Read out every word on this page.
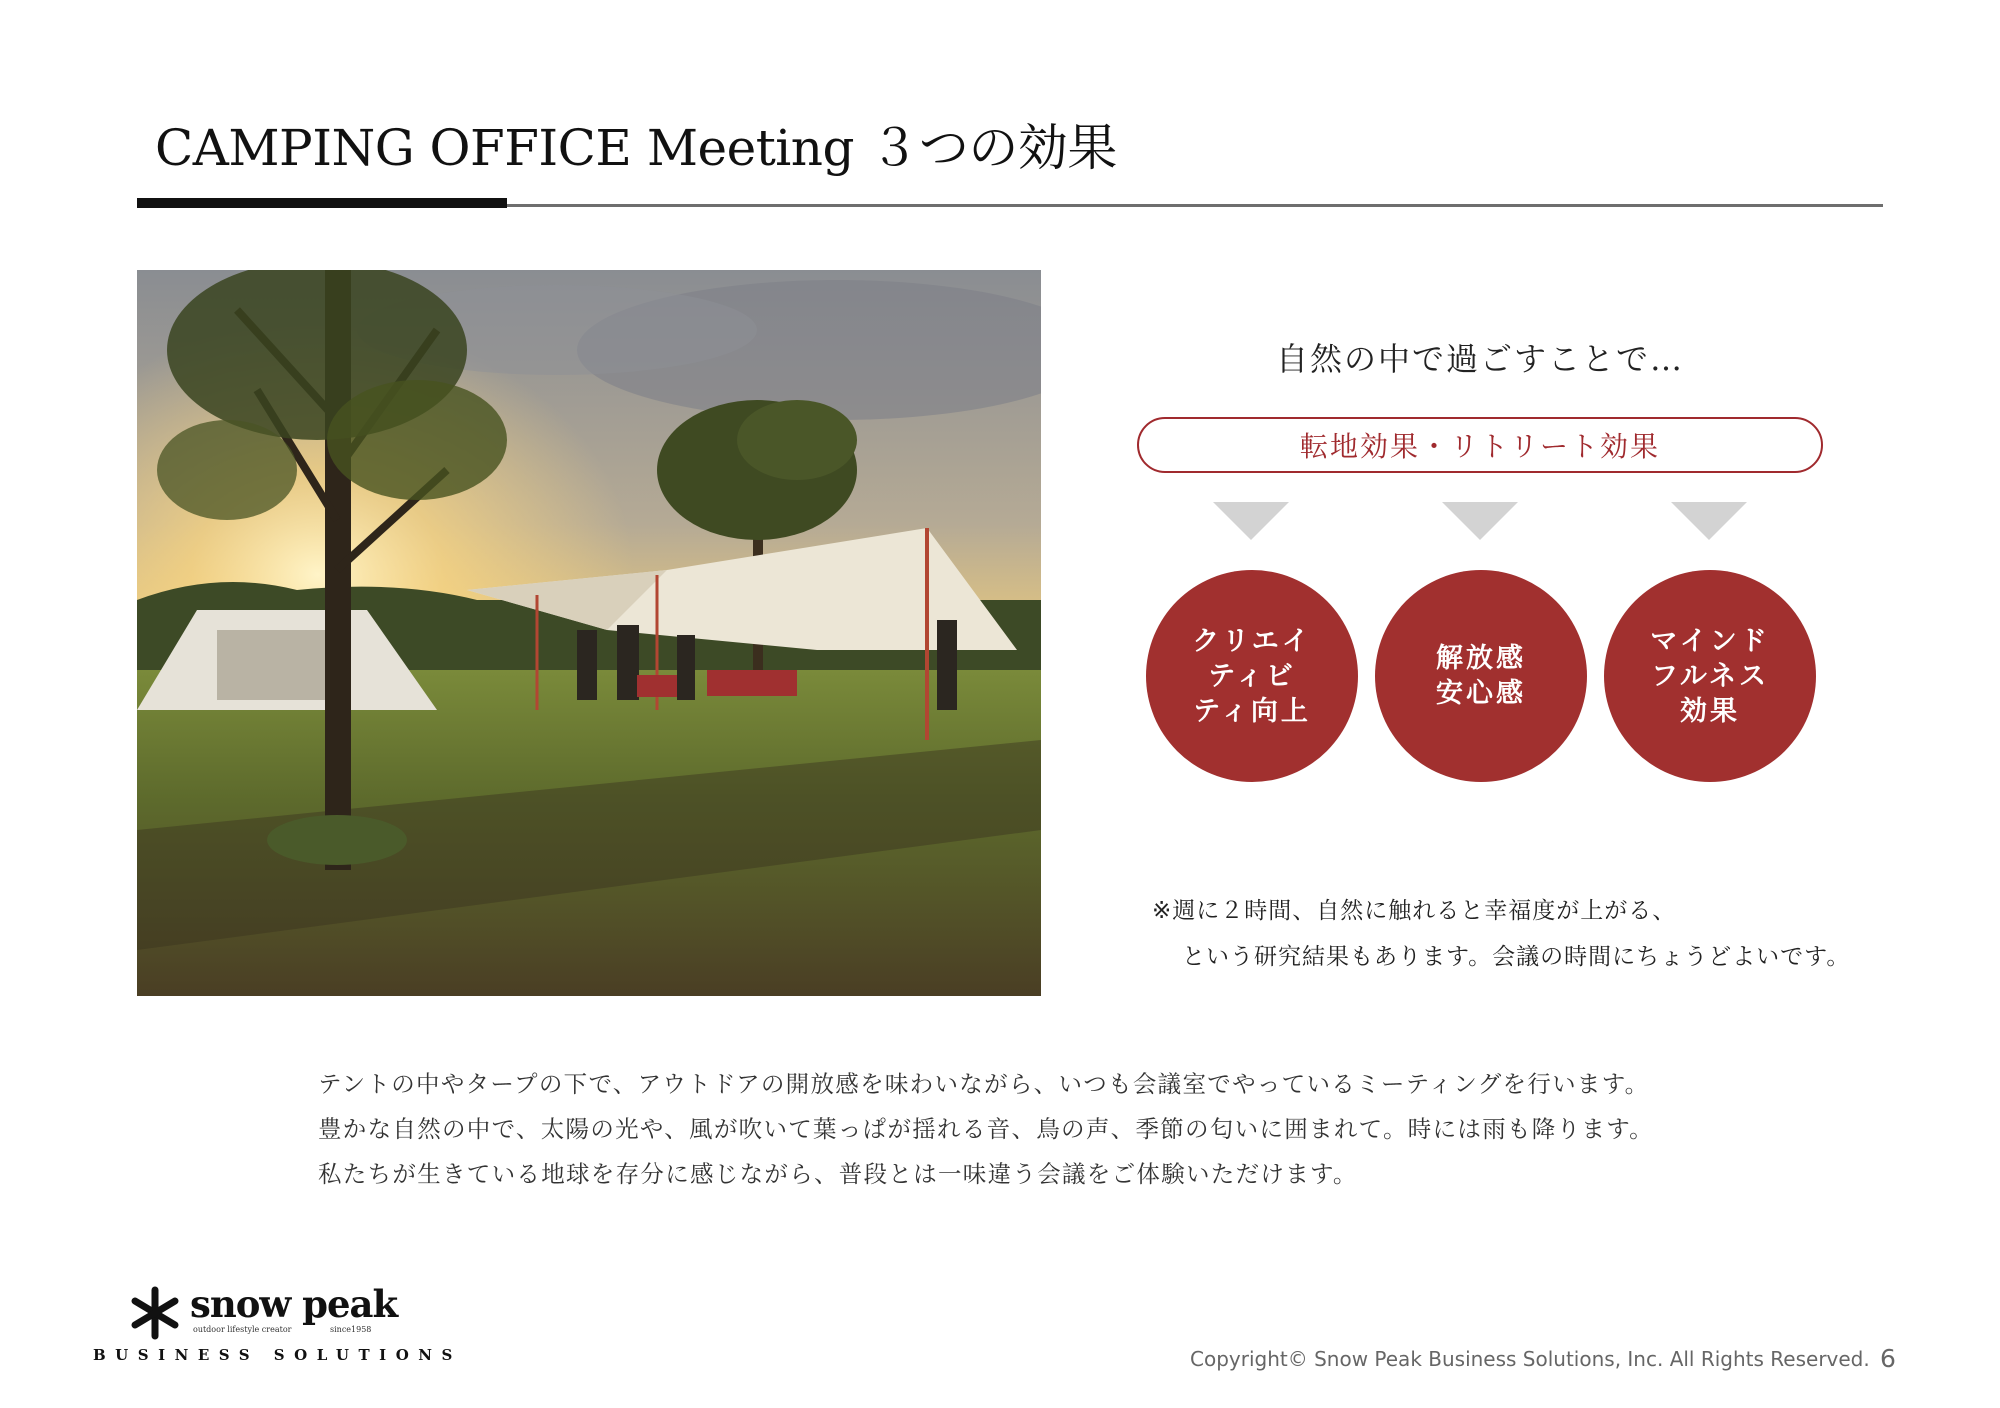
CAMPING OFFICE Meeting ３つの効果
自然の中で過ごすことで…
転地効果・リトリート効果
クリエイ
ティビ
ティ向上
解放感
安心感
マインド
フルネス
効果
※週に２時間、自然に触れると幸福度が上がる、
という研究結果もあります。会議の時間にちょうどよいです。
テントの中やタープの下で、アウトドアの開放感を味わいながら、いつも会議室でやっているミーティングを行います。
豊かな自然の中で、太陽の光や、風が吹いて葉っぱが揺れる音、鳥の声、季節の匂いに囲まれて。時には雨も降ります。
私たちが生きている地球を存分に感じながら、普段とは一味違う会議をご体験いただけます。
snow peak
outdoor lifestyle creator	since1958
BUSINESS SOLUTIONS	Copyright© Snow Peak Business Solutions, Inc. All Rights Reserved. 6
